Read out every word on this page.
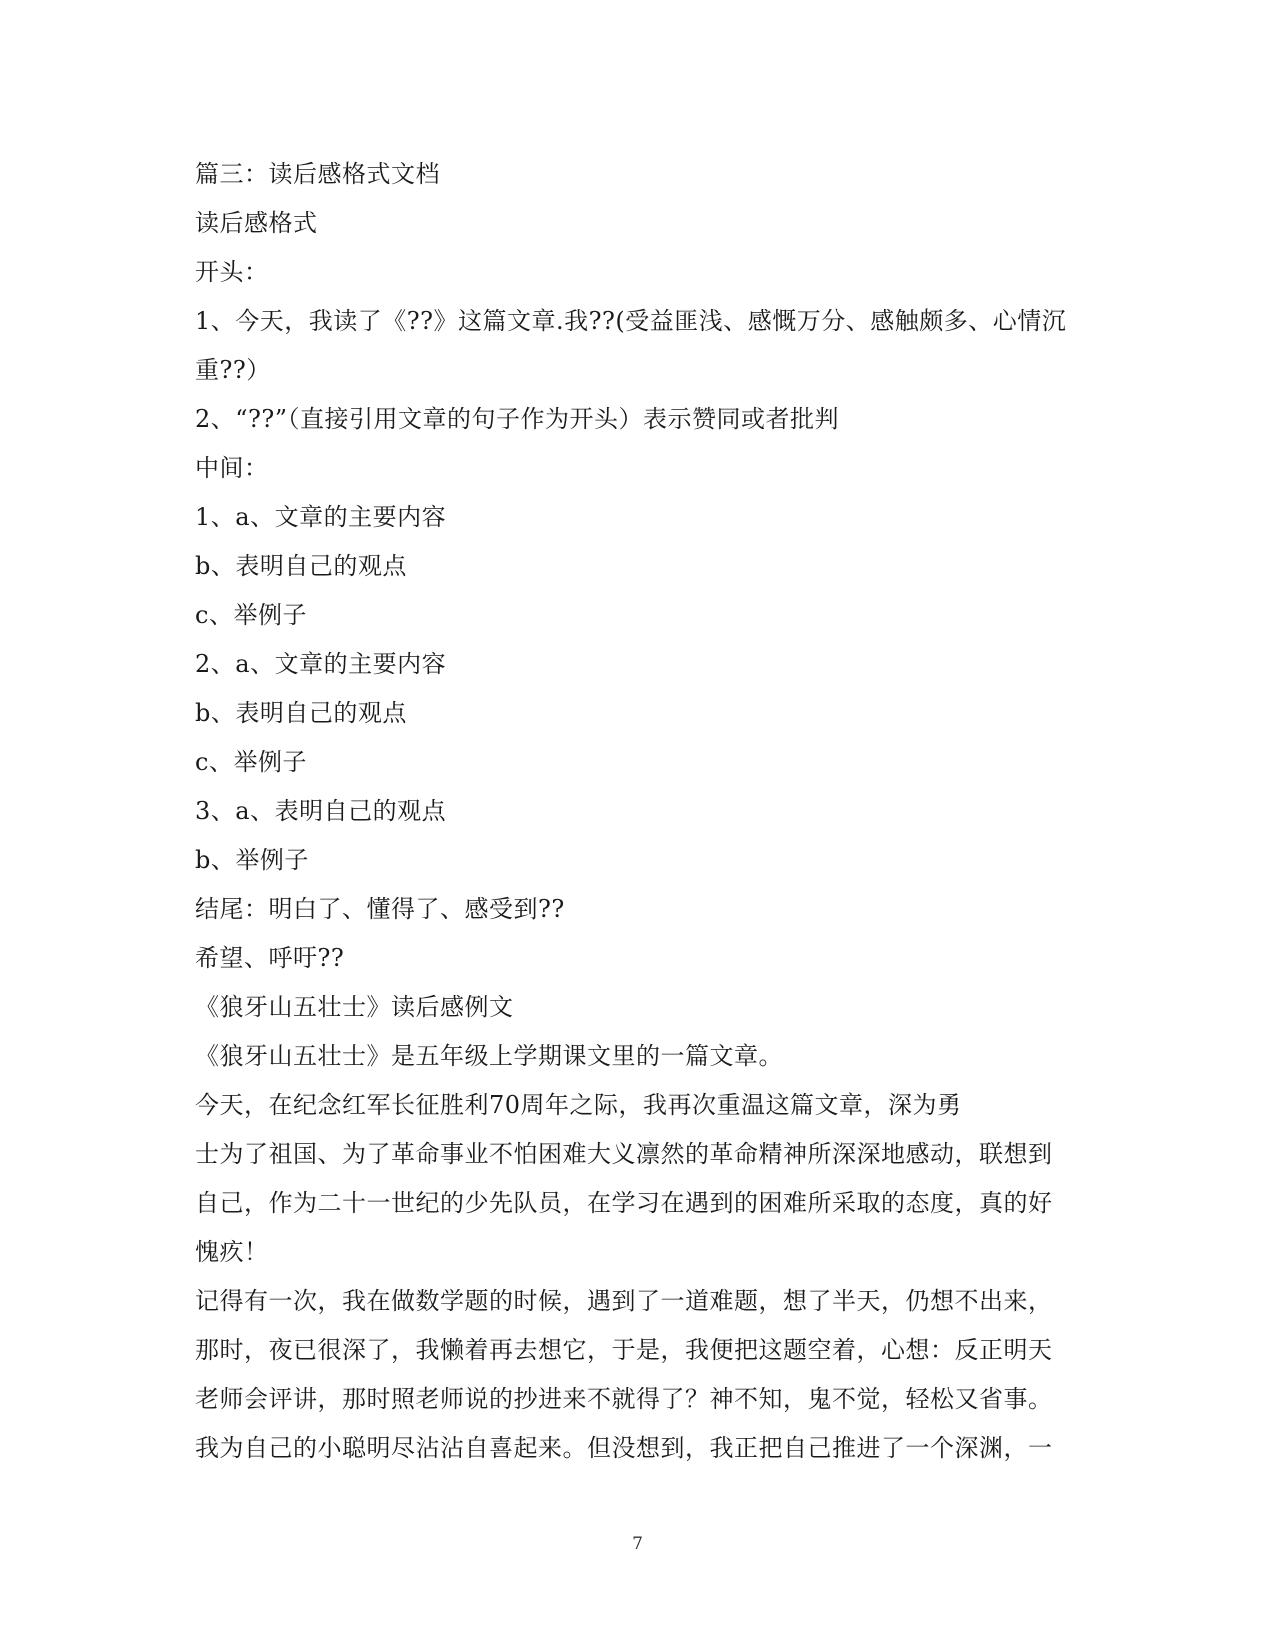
篇三：读后感格式文档
读后感格式
开头：
1、今天，我读了《??》这篇文章.我??(受益匪浅、感慨万分、感触颇多、心情沉
重??）
2、“??”（直接引用文章的句子作为开头）表示赞同或者批判
中间：
1、a、文章的主要内容
b、表明自己的观点
c、举例子
2、a、文章的主要内容
b、表明自己的观点
c、举例子
3、a、表明自己的观点
b、举例子
结尾：明白了、懂得了、感受到??
希望、呼吁??
《狼牙山五壮士》读后感例文
《狼牙山五壮士》是五年级上学期课文里的一篇文章。
今天，在纪念红军长征胜利70周年之际，我再次重温这篇文章，深为勇
士为了祖国、为了革命事业不怕困难大义凛然的革命精神所深深地感动，联想到
自己，作为二十一世纪的少先队员，在学习在遇到的困难所采取的态度，真的好
愧疚！
记得有一次，我在做数学题的时候，遇到了一道难题，想了半天，仍想不出来，
那时，夜已很深了，我懒着再去想它，于是，我便把这题空着，心想：反正明天
老师会评讲，那时照老师说的抄进来不就得了？神不知，鬼不觉，轻松又省事。
我为自己的小聪明尽沾沾自喜起来。但没想到，我正把自己推进了一个深渊，一
7
